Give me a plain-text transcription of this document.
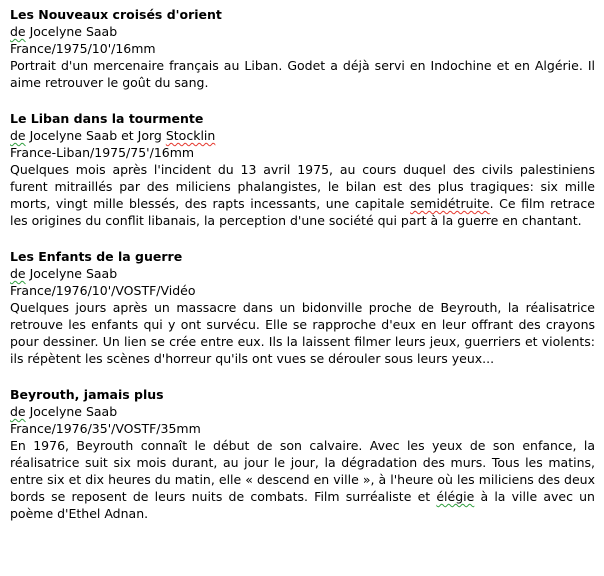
Les Nouveaux croisés d'orient
de Jocelyne Saab
France/1975/10'/16mm

Portrait d'un mercenaire français au Liban. Godet a déjà servi en Indochine et en Algérie. Il aime retrouver le goût du sang.

Le Liban dans la tourmente
de Jocelyne Saab et Jorg Stocklin
France-Liban/1975/75'/16mm

Quelques mois après l'incident du 13 avril 1975, au cours duquel des civils palestiniens furent mitraillés par des miliciens phalangistes, le bilan est des plus tragiques: six mille morts, vingt mille blessés, des rapts incessants, une capitale semidétruite. Ce film retrace les origines du conflit libanais, la perception d'une société qui part à la guerre en chantant.

Les Enfants de la guerre
de Jocelyne Saab
France/1976/10'/VOSTF/Vidéo

Quelques jours après un massacre dans un bidonville proche de Beyrouth, la réalisatrice retrouve les enfants qui y ont survécu. Elle se rapproche d'eux en leur offrant des crayons pour dessiner. Un lien se crée entre eux. Ils la laissent filmer leurs jeux, guerriers et violents: ils répètent les scènes d'horreur qu'ils ont vues se dérouler sous leurs yeux...

Beyrouth, jamais plus
de Jocelyne Saab
France/1976/35'/VOSTF/35mm

En 1976, Beyrouth connaît le début de son calvaire. Avec les yeux de son enfance, la réalisatrice suit six mois durant, au jour le jour, la dégradation des murs. Tous les matins, entre six et dix heures du matin, elle « descend en ville », à l'heure où les miliciens des deux bords se reposent de leurs nuits de combats. Film surréaliste et élégie à la ville avec un poème d'Ethel Adnan.
